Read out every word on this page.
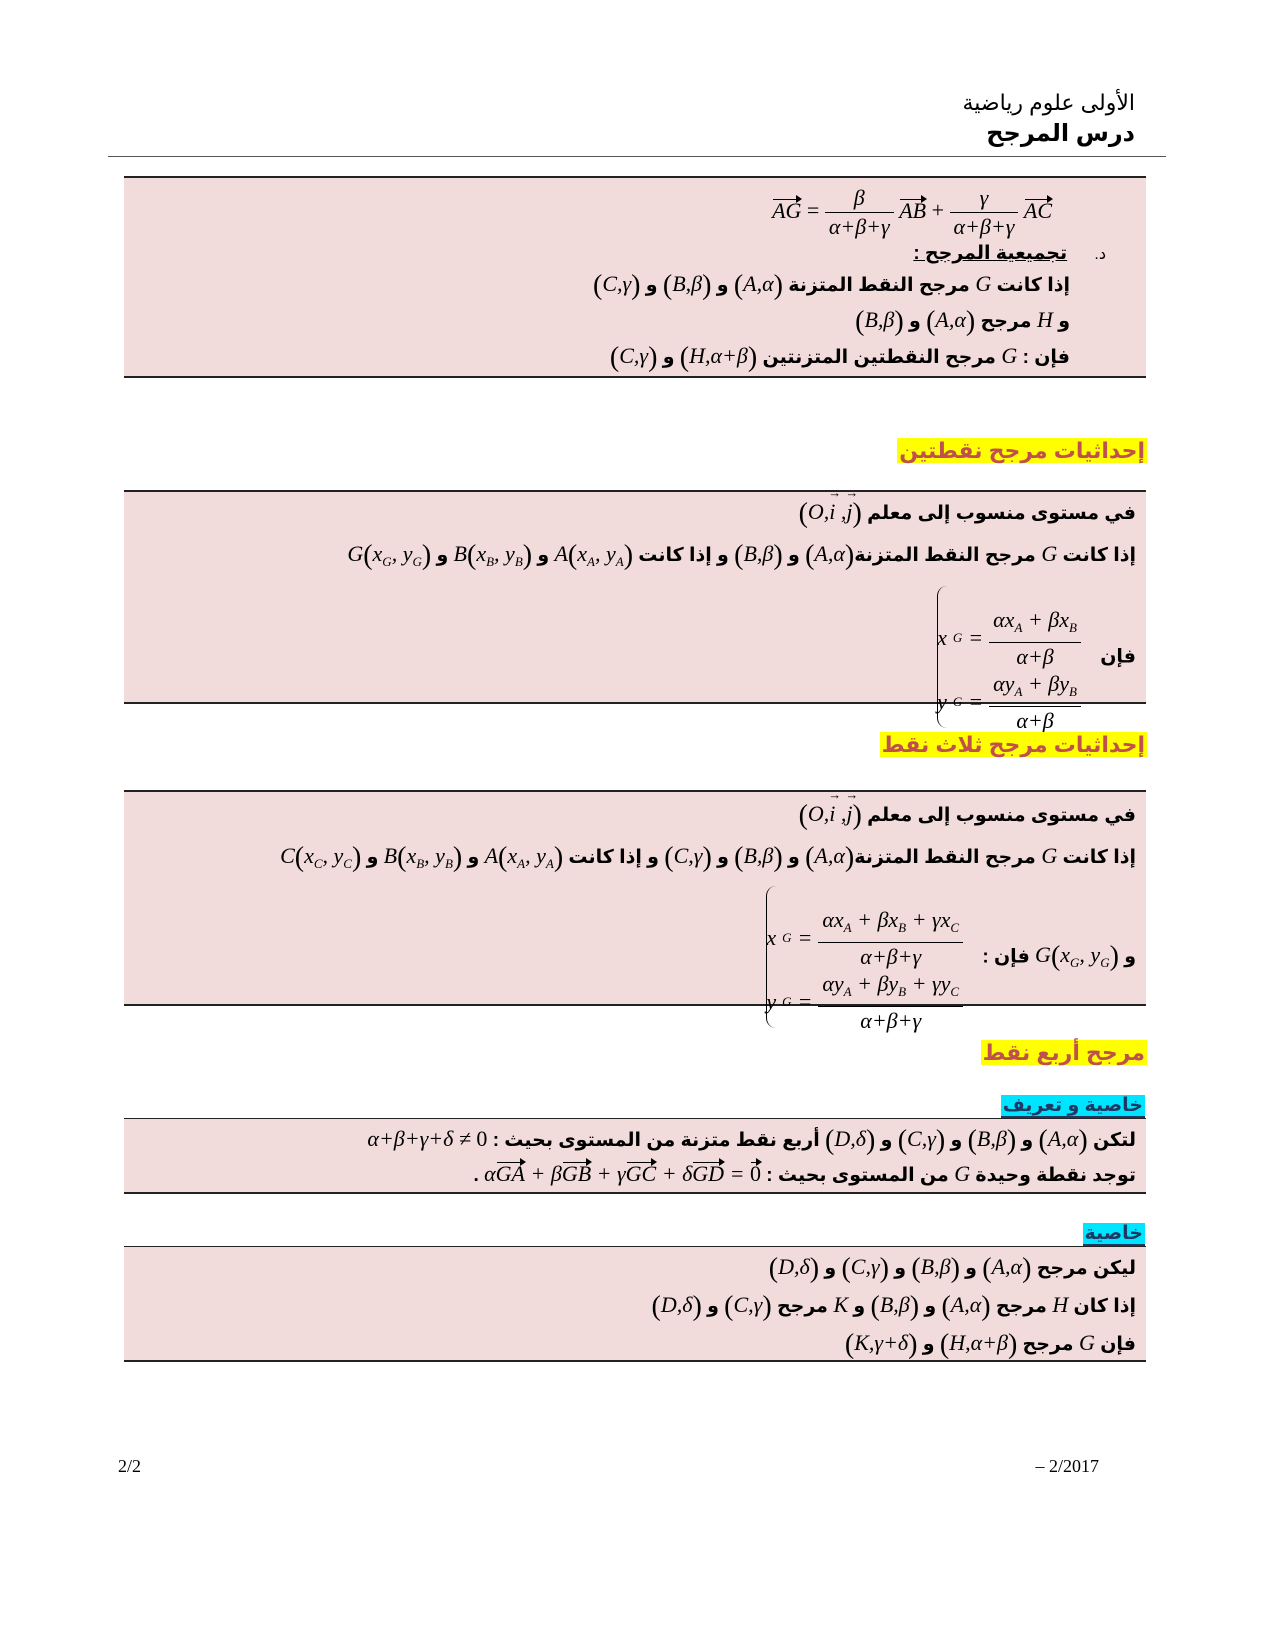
الأولى علوم رياضية
درس المرجح
AG = $\frac{\beta}{\alpha+\beta+\gamma}$ AB + $\frac{\gamma}{\alpha+\beta+\gamma}$ AC
د. تجميعية المرجح :
إذا كانت G مرجح النقط المتزنة (A,α) و (B,β) و (C,γ)
و H مرجح (A,α) و (B,β)
فإن : G مرجح النقطتين المتزنتين (H,α+β) و (C,γ)
إحداثيات مرجح نقطتين
في مستوى منسوب إلى معلم (O,→ i ,→ j)
إذا كانت G مرجح النقط المتزنة(A,α) و (B,β) و إذا كانت $A(x_A$, $y_A$) و $B(x_B$, $y_B$) و $G(x_G$, $y_G$)
فإن
x $G = \frac{\alpha x_A + \beta x_B}{\alpha+\beta}$
y $G = \frac{\alpha y_A + \beta y_B}{\alpha+\beta}$
إحداثيات مرجح ثلاث نقط
في مستوى منسوب إلى معلم (O,→ i ,→ j)
إذا كانت G مرجح النقط المتزنة(A,α) و (B,β) و (C,γ) و إذا كانت $A(x_A$, $y_A$) و $B(x_B$, $y_B$) و $C(x_C$, $y_C$)
و $G(x_G$, $y_G$) فإن :
x $G = \frac{\alpha x_A + \beta x_B + \gamma x_C}{\alpha+\beta+\gamma}$
y $G = \frac{\alpha y_A + \beta y_B + \gamma y_C}{\alpha+\beta+\gamma}$
مرجح أربع نقط
خاصية و تعريف
لتكن (A,α) و (B,β) و (C,γ) و (D,δ) أربع نقط متزنة من المستوى بحيث : α+β+γ+δ ≠ 0
توجد نقطة وحيدة G من المستوى بحيث : αGA + βGB + γGC + δGD = 0 .
خاصية
ليكن مرجح (A,α) و (B,β) و (C,γ) و (D,δ)
إذا كان H مرجح (A,α) و (B,β) و K مرجح (C,γ) و (D,δ)
فإن G مرجح (H,α+β) و (K,γ+δ)
2/2	– 2/2017
